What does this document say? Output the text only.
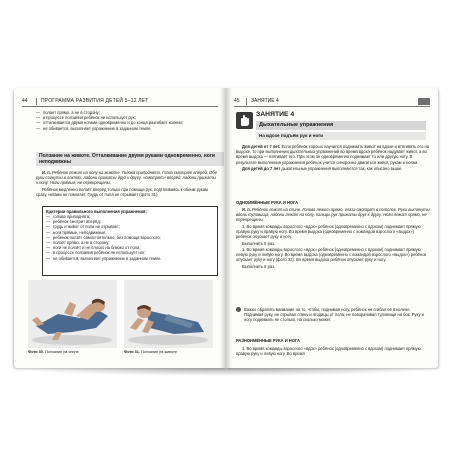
44	ПРОГРАММА РАЗВИТИЯ ДЕТЕЙ 5–12 ЛЕТ
— полает прямо, а не в сторону;
— в процессе ползания ребёнок не использует рук;
— отталкивается двумя ногами одновременно и до конца разгибает колени;
— не обивается, выполняет упражнение в заданном темпе.
Ползание на животе. Отталкивание двумя руками одновременно, ноги неподвижны

И. п. Ребёнок лежит на полу на животе. Голова приподнята. Глаза смотрят вперёд. Обе руки согнуты в локтях, ладони прижаты друг к другу, «смотрят» вперёд, ладони прижаты к полу. Ноги прямые, не перекрещены.

Ребёнок медленно ползёт вперёд только при помощи рук, подтягиваясь к обеим рукам сразу, нигами не помогает. Грудь от пола не отрывает (фото 31).

Критерии правильного выполнения упражнения:
— голова приподнята;
— ребёнок смотрит вперёд;
— грудь и живот от пола не отрывает;
— ноги прямые, неподвижные;
— ребёнок ползёт самостоятельно, без помощи взрослого;
— ползёт прямо, а не в сторону;
— ноги не ползёт и не плоско на близко от пола;
— в процессе ползания ребёнок не использует ног;
— не обивается, выполняет упражнение в заданном темпе.
Фото 30. Ползание на спине	Фото 31. Ползание на животе
45 ЗАНЯТИЕ 4
ЗАНЯТИЕ 4
Дыхательные упражнения
На вдохе подъём рук и ноги

Для детей от 7 лет. Если ребёнок хорошо научился поднимать живот на вдохе и втягивать его на выдохе, то при выполнении дыхательных упражнений во время вдоха ребёнок надувает живот, а во время выдоха — втягивает его. При этом он одновременно поднимает то или другую ногу. В результате выполнения упражнения ребёнок учится синхронно двигаться живот, рукам и ногам.

Для детей до 7 лет дыхательные упражнения выполняются так, как описано выше.

ОДНОИМЁННЫЕ РУКА И НОГА

И. п. Ребёнок лежит на спине. Голова лежит прямо, глаза смотрят в потолок. Руки вытянуты вдоль туловища, ладони лежат на полу, пальцы рук прижаты друг к другу. Ноги лежат прямо, не перекрещены.

1. Во время команды взрослого «вдох» ребёнок (одновременно с вдохом) поднимает прямую правую руку и правую ногу. Во время выдоха (одновременно с командой взрослого «выдох») ребёнок опускает руку и ногу.

Выполнить 5 раз.

1. Во время команды взрослого «вдох» ребёнок (одновременно с вдохом) поднимает прямую левую руку и левую ногу. Во время выдоха (одновременно с командой взрослого «выдох») ребёнок опускает руку и ногу (фото 32). Во время выдоха ребёнок опускает руку и ногу.

Выполнить 5 раз.

Важно обратить внимание на то, чтобы, поднимая ногу, ребёнок не сгибал её в колене. Поднимая руку, не отрывал спину и ягодицы от пола, не поворачивал туловище на бок. Руку и ногу поднимать не столько, на сколько может.
РАЗНОИМЁННЫЕ РУКА И НОГА

1. Во время команды взрослого «вдох» ребёнок (одновременно с вдохом) поднимает прямую правую руку и левую ногу. Во время
